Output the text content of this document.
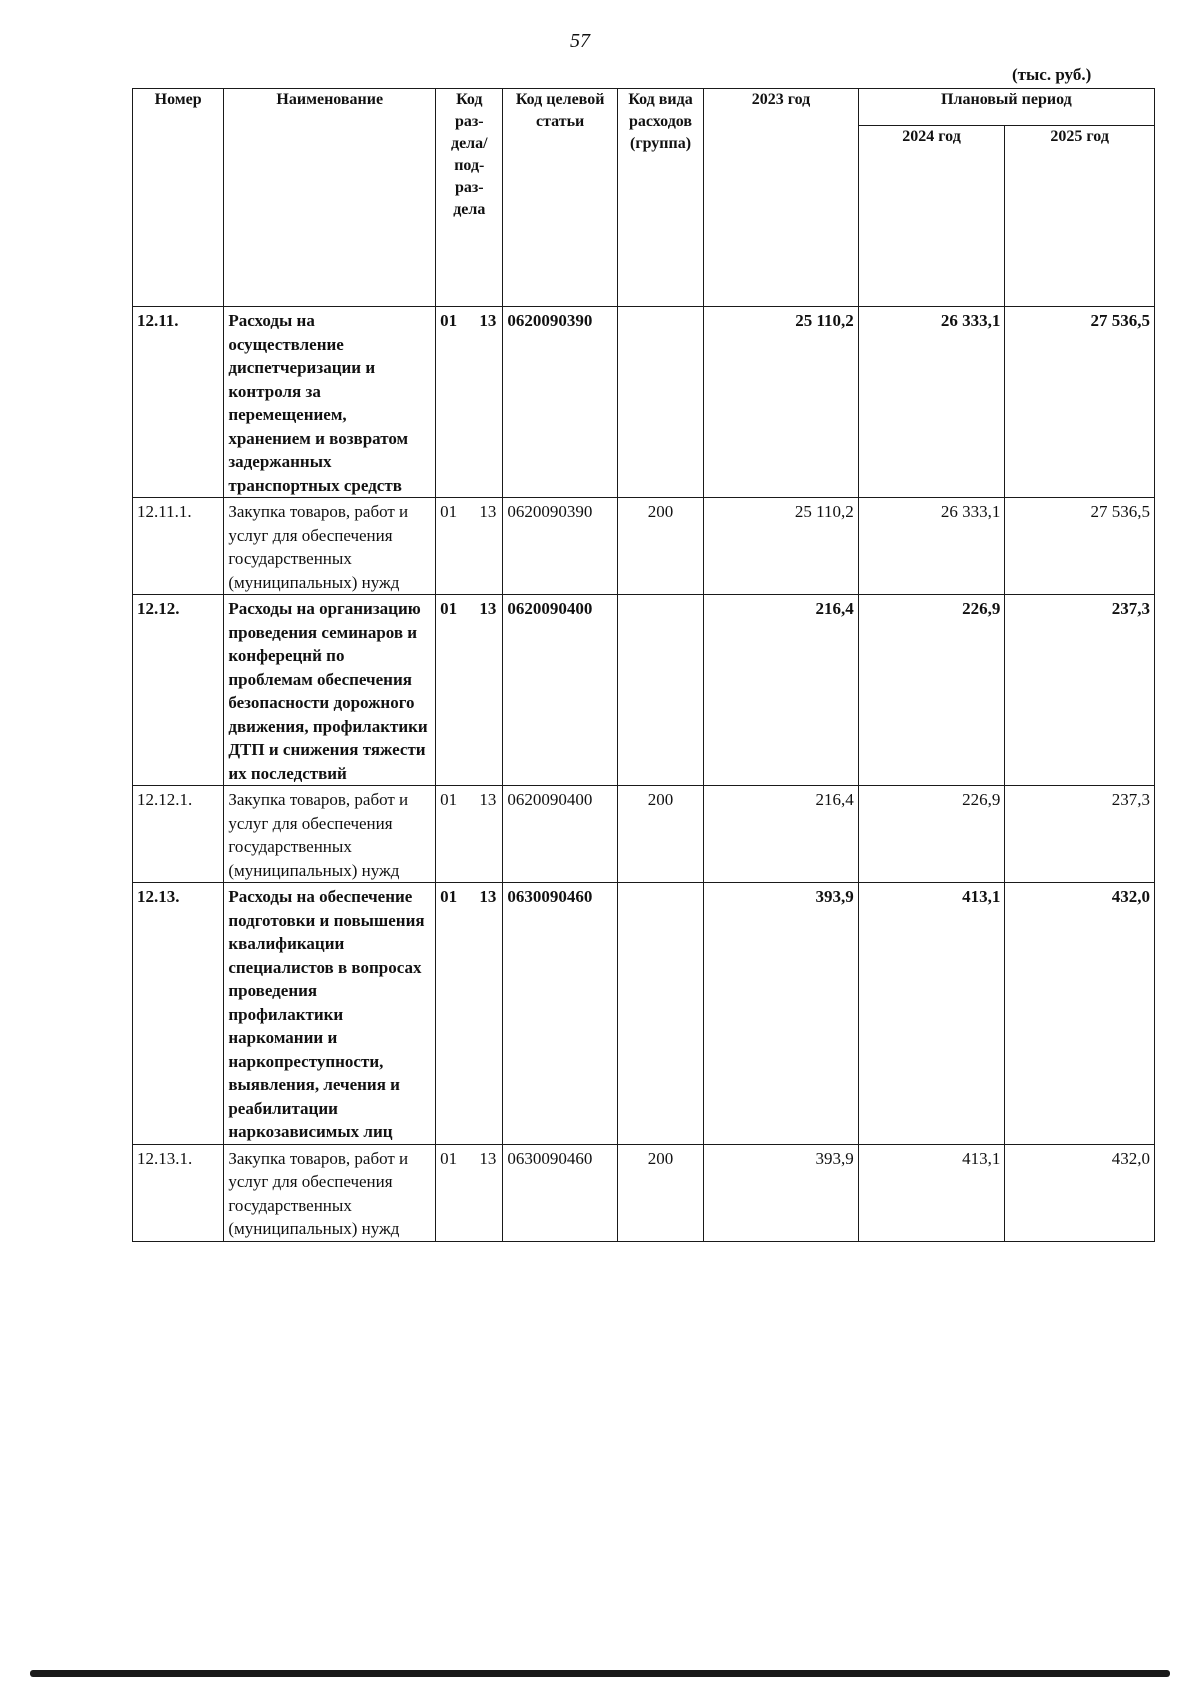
57
(тыс. руб.)
Номер	Наименование	Код раз-дела/ под-раз-дела	Код целевой статьи	Код вида расходов (группа)	2023 год	Плановый период	
						2024 год	2025 год
12.11.	Расходы на осуществление диспетчеризации и контроля за перемещением, хранением и возвратом задержанных транспортных средств	01 13	0620090390		25 110,2	26 333,1	27 536,5
12.11.1.	Закупка товаров, работ и услуг для обеспечения государственных (муниципальных) нужд	01 13	0620090390	200	25 110,2	26 333,1	27 536,5
12.12.	Расходы на организацию проведения семинаров и конферецнй по проблемам обеспечения безопасности дорожного движения, профилактики ДТП и снижения тяжести их последствий	01 13	0620090400		216,4	226,9	237,3
12.12.1.	Закупка товаров, работ и услуг для обеспечения государственных (муниципальных) нужд	01 13	0620090400	200	216,4	226,9	237,3
12.13.	Расходы на обеспечение подготовки и повышения квалификации специалистов в вопросах проведения профилактики наркомании и наркопреступности, выявления, лечения и реабилитации наркозависимых лиц	01 13	0630090460		393,9	413,1	432,0
12.13.1.	Закупка товаров, работ и услуг для обеспечения государственных (муниципальных) нужд	01 13	0630090460	200	393,9	413,1	432,0
